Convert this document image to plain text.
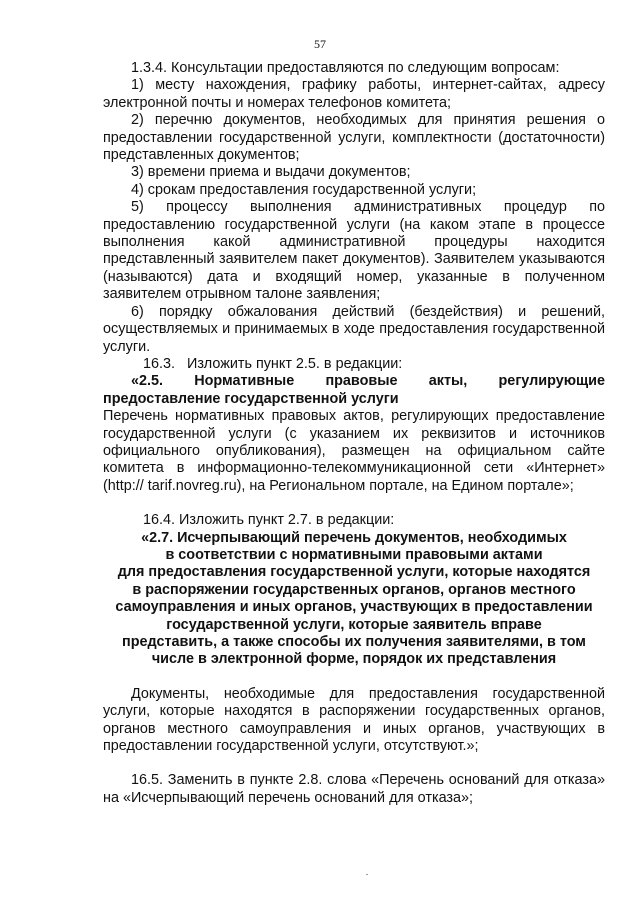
57

1.3.4. Консультации предоставляются по следующим вопросам:

1) месту нахождения, графику работы, интернет-сайтах, адресу электронной почты и номерах телефонов комитета;

2) перечню документов, необходимых для принятия решения о предоставлении государственной услуги, комплектности (достаточности) представленных документов;

3) времени приема и выдачи документов;

4) срокам предоставления государственной услуги;

5) процессу выполнения административных процедур по предоставлению государственной услуги (на каком этапе в процессе выполнения какой административной процедуры находится представленный заявителем пакет документов). Заявителем указываются (называются) дата и входящий номер, указанные в полученном заявителем отрывном талоне заявления;

6) порядку обжалования действий (бездействия) и решений, осуществляемых и принимаемых в ходе предоставления государственной услуги.

16.3. Изложить пункт 2.5. в редакции:

«2.5. Нормативные правовые акты, регулирующие

предоставление государственной услуги

Перечень нормативных правовых актов, регулирующих предоставление государственной услуги (с указанием их реквизитов и источников официального опубликования), размещен на официальном сайте комитета в информационно-телекоммуникационной сети «Интернет» (http:// tarif.novreg.ru), на Региональном портале, на Едином портале»;

16.4. Изложить пункт 2.7. в редакции:

«2.7. Исчерпывающий перечень документов, необходимых

в соответствии с нормативными правовыми актами

для предоставления государственной услуги, которые находятся

в распоряжении государственных органов, органов местного

самоуправления и иных органов, участвующих в предоставлении

государственной услуги, которые заявитель вправе

представить, а также способы их получения заявителями, в том

числе в электронной форме, порядок их представления

Документы, необходимые для предоставления государственной услуги, которые находятся в распоряжении государственных органов, органов местного самоуправления и иных органов, участвующих в предоставлении государственной услуги, отсутствуют.»;

16.5. Заменить в пункте 2.8. слова «Перечень оснований для отказа» на «Исчерпывающий перечень оснований для отказа»;
